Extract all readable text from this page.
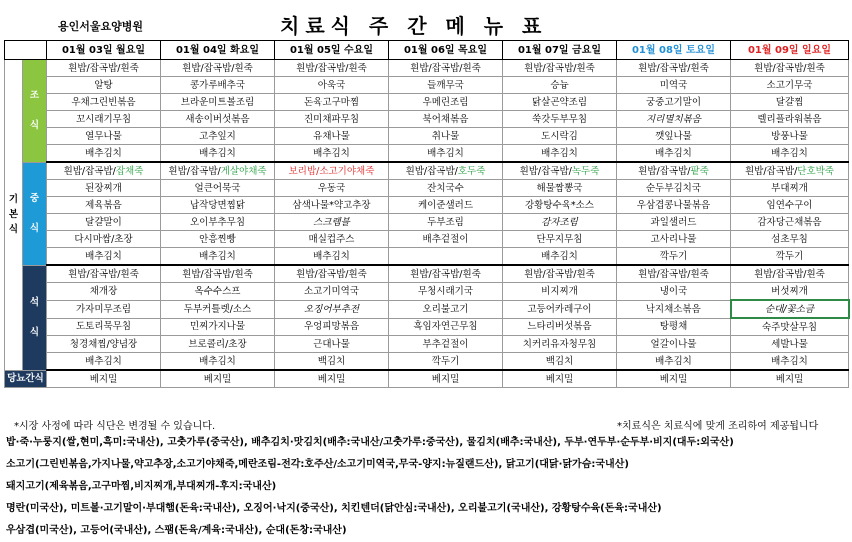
용인서울요양병원	치료식 주 간 메 뉴 표
		01월 03일 월요일	01월 04일 화요일	01월 05일 수요일	01월 06일 목요일	01월 07일 금요일	01월 08일 토요일	01월 09일 일요일
기
본
식	조

식	흰밥/잡곡밥/흰죽	흰밥/잡곡밥/흰죽	흰밥/잡곡밥/흰죽	흰밥/잡곡밥/흰죽	흰밥/잡곡밥/흰죽	흰밥/잡곡밥/흰죽	흰밥/잡곡밥/흰죽
		알탕	콩가루배추국	아욱국	들깨무국	승늉	미역국	소고기무국
		우채그린빈볶음	브라운미트볼조림	돈육고구마찜	우메린조림	닭살곤약조림	궁중고기말이	달걀찜
		꼬시래기무침	새송이버섯볶음	진미채파무침	북어채볶음	쑥갓두부무침	지리멸치볶음	렐리플라워볶음
		열무나물	고추잎지	유채나물	취나물	도시락김	깻잎나물	방풍나물
		배추김치	배추김치	배추김치	배추김치	배추김치	배추김치	배추김치
	중

식	흰밥/잡곡밥/잡채죽	흰밥/잡곡밥/게살야채죽	보리밥/소고기야채죽	흰밥/잡곡밥/호두죽	흰밥/잡곡밥/녹두죽	흰밥/잡곡밥/팥죽	흰밥/잡곡밥/단호박죽
		된장찌개	얼큰어묵국	우동국	잔치국수	해물짬뽕국	순두부김치국	부대찌개
		제육볶음	납작당면찜닭	삼색나물*약고추장	케이준샐러드	강황탕수육*소스	우삼겹콩나물볶음	임연수구이
		달걀말이	오이부추무침	스크램블	두부조림	감자조림	과일샐러드	감자당근채볶음
		다시마쌈/초장	안흥찐빵	매실컵주스	배추겉절이	단무지무침	고사리나물	섬초무침
		배추김치	배추김치	배추김치		배추김치	깍두기	깍두기
	석

식	흰밥/잡곡밥/흰죽	흰밥/잡곡밥/흰죽	흰밥/잡곡밥/흰죽	흰밥/잡곡밥/흰죽	흰밥/잡곡밥/흰죽	흰밥/잡곡밥/흰죽	흰밥/잡곡밥/흰죽
		채개장	옥수수스프	소고기미역국	무청시래기국	비지찌개	냉이국	버섯찌개
		가자미무조림	두부커틀렛/소스	오징어부추전	오리불고기	고등어카레구이	낙지채소볶음	순대/꽃소금
		도토리묵무침	민찌가지나물	우엉피망볶음	흑임자연근무침	느타리버섯볶음	탕평채	숙주맛살무침
		청경채찜/양념장	브로콜리/초장	근대나물	부추겉절이	치커리유자청무침	얼갈이나물	세발나물
		배추김치	배추김치	백김치	깍두기	백김치	배추김치	배추김치
당뇨간식		베지밀	베지밀	베지밀	베지밀	베지밀	베지밀	베지밀
*시장 사정에 따라 식단은 변경될 수 있습니다.	*치료식은 치료식에 맞게 조리하여 제공됩니다
밥·죽·누룽지(쌀,현미,흑미:국내산), 고춧가루(중국산), 배추김치·맛김치(배추:국내산/고춧가루:중국산), 물김치(배추:국내산), 두부·연두부·순두부·비지(대두:외국산)
소고기(그린빈볶음,가지나물,약고추장,소고기야채죽,메란조림-전각:호주산/소고기미역국,무국-양지:뉴질랜드산), 닭고기(대닭·닭가슴:국내산)
돼지고기(제육볶음,고구마찜,비지찌개,부대찌개-후지:국내산)
명란(미국산), 미트볼·고기말이·부대햄(돈육:국내산), 오징어·낙지(중국산), 치킨텐더(닭안심:국내산), 오리불고기(국내산), 강황탕수육(돈육:국내산)
우삼겹(미국산), 고등어(국내산), 스팸(돈육/계육:국내산), 순대(돈창:국내산)
